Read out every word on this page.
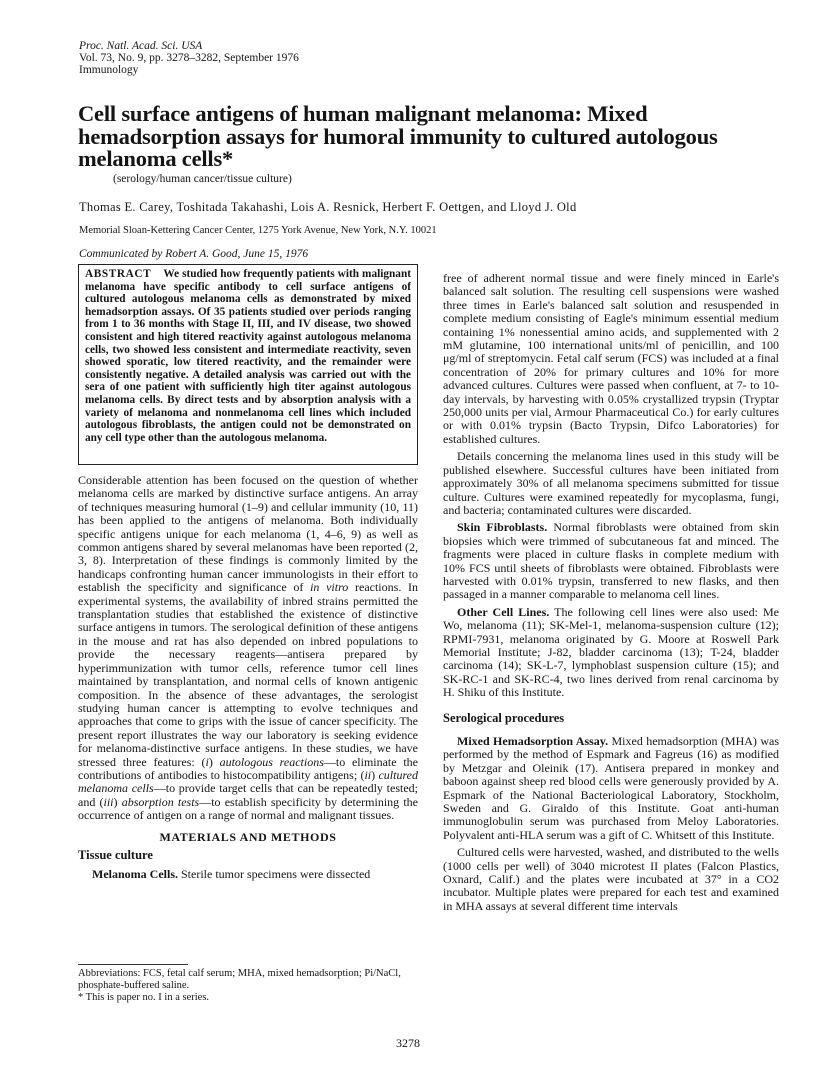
Proc. Natl. Acad. Sci. USA
Vol. 73, No. 9, pp. 3278–3282, September 1976
Immunology
Cell surface antigens of human malignant melanoma: Mixed hemadsorption assays for humoral immunity to cultured autologous melanoma cells*
(serology/human cancer/tissue culture)
Thomas E. Carey, Toshitada Takahashi, Lois A. Resnick, Herbert F. Oettgen, and Lloyd J. Old
Memorial Sloan-Kettering Cancer Center, 1275 York Avenue, New York, N.Y. 10021
Communicated by Robert A. Good, June 15, 1976

ABSTRACT We studied how frequently patients with malignant melanoma have specific antibody to cell surface antigens of cultured autologous melanoma cells as demonstrated by mixed hemadsorption assays. Of 35 patients studied over periods ranging from 1 to 36 months with Stage II, III, and IV disease, two showed consistent and high titered reactivity against autologous melanoma cells, two showed less consistent and intermediate reactivity, seven showed sporatic, low titered reactivity, and the remainder were consistently negative. A detailed analysis was carried out with the sera of one patient with sufficiently high titer against autologous melanoma cells. By direct tests and by absorption analysis with a variety of melanoma and nonmelanoma cell lines which included autologous fibroblasts, the antigen could not be demonstrated on any cell type other than the autologous melanoma.

Considerable attention has been focused on the question of whether melanoma cells are marked by distinctive surface antigens. An array of techniques measuring humoral (1–9) and cellular immunity (10, 11) has been applied to the antigens of melanoma. Both individually specific antigens unique for each melanoma (1, 4–6, 9) as well as common antigens shared by several melanomas have been reported (2, 3, 8). Interpretation of these findings is commonly limited by the handicaps confronting human cancer immunologists in their effort to establish the specificity and significance of in vitro reactions. In experimental systems, the availability of inbred strains permitted the transplantation studies that established the existence of distinctive surface antigens in tumors. The serological definition of these antigens in the mouse and rat has also depended on inbred populations to provide the necessary reagents—antisera prepared by hyperimmunization with tumor cells, reference tumor cell lines maintained by transplantation, and normal cells of known antigenic composition. In the absence of these advantages, the serologist studying human cancer is attempting to evolve techniques and approaches that come to grips with the issue of cancer specificity. The present report illustrates the way our laboratory is seeking evidence for melanoma-distinctive surface antigens. In these studies, we have stressed three features: (i) autologous reactions—to eliminate the contributions of antibodies to histocompatibility antigens; (ii) cultured melanoma cells—to provide target cells that can be repeatedly tested; and (iii) absorption tests—to establish specificity by determining the occurrence of antigen on a range of normal and malignant tissues.

MATERIALS AND METHODS
Tissue culture

Melanoma Cells. Sterile tumor specimens were dissected

Abbreviations: FCS, fetal calf serum; MHA, mixed hemadsorption; Pi/NaCl, phosphate-buffered saline.
* This is paper no. I in a series.

free of adherent normal tissue and were finely minced in Earle's balanced salt solution. The resulting cell suspensions were washed three times in Earle's balanced salt solution and resuspended in complete medium consisting of Eagle's minimum essential medium containing 1% nonessential amino acids, and supplemented with 2 mM glutamine, 100 international units/ml of penicillin, and 100 μg/ml of streptomycin. Fetal calf serum (FCS) was included at a final concentration of 20% for primary cultures and 10% for more advanced cultures. Cultures were passed when confluent, at 7- to 10-day intervals, by harvesting with 0.05% crystallized trypsin (Tryptar 250,000 units per vial, Armour Pharmaceutical Co.) for early cultures or with 0.01% trypsin (Bacto Trypsin, Difco Laboratories) for established cultures.

Details concerning the melanoma lines used in this study will be published elsewhere. Successful cultures have been initiated from approximately 30% of all melanoma specimens submitted for tissue culture. Cultures were examined repeatedly for mycoplasma, fungi, and bacteria; contaminated cultures were discarded.

Skin Fibroblasts. Normal fibroblasts were obtained from skin biopsies which were trimmed of subcutaneous fat and minced. The fragments were placed in culture flasks in complete medium with 10% FCS until sheets of fibroblasts were obtained. Fibroblasts were harvested with 0.01% trypsin, transferred to new flasks, and then passaged in a manner comparable to melanoma cell lines.

Other Cell Lines. The following cell lines were also used: Me Wo, melanoma (11); SK-Mel-1, melanoma-suspension culture (12); RPMI-7931, melanoma originated by G. Moore at Roswell Park Memorial Institute; J-82, bladder carcinoma (13); T-24, bladder carcinoma (14); SK-L-7, lymphoblast suspension culture (15); and SK-RC-1 and SK-RC-4, two lines derived from renal carcinoma by H. Shiku of this Institute.

Serological procedures

Mixed Hemadsorption Assay. Mixed hemadsorption (MHA) was performed by the method of Espmark and Fagreus (16) as modified by Metzgar and Oleinik (17). Antisera prepared in monkey and baboon against sheep red blood cells were generously provided by A. Espmark of the National Bacteriological Laboratory, Stockholm, Sweden and G. Giraldo of this Institute. Goat anti-human immunoglobulin serum was purchased from Meloy Laboratories. Polyvalent anti-HLA serum was a gift of C. Whitsett of this Institute.

Cultured cells were harvested, washed, and distributed to the wells (1000 cells per well) of 3040 microtest II plates (Falcon Plastics, Oxnard, Calif.) and the plates were incubated at 37° in a CO2 incubator. Multiple plates were prepared for each test and examined in MHA assays at several different time intervals

3278
